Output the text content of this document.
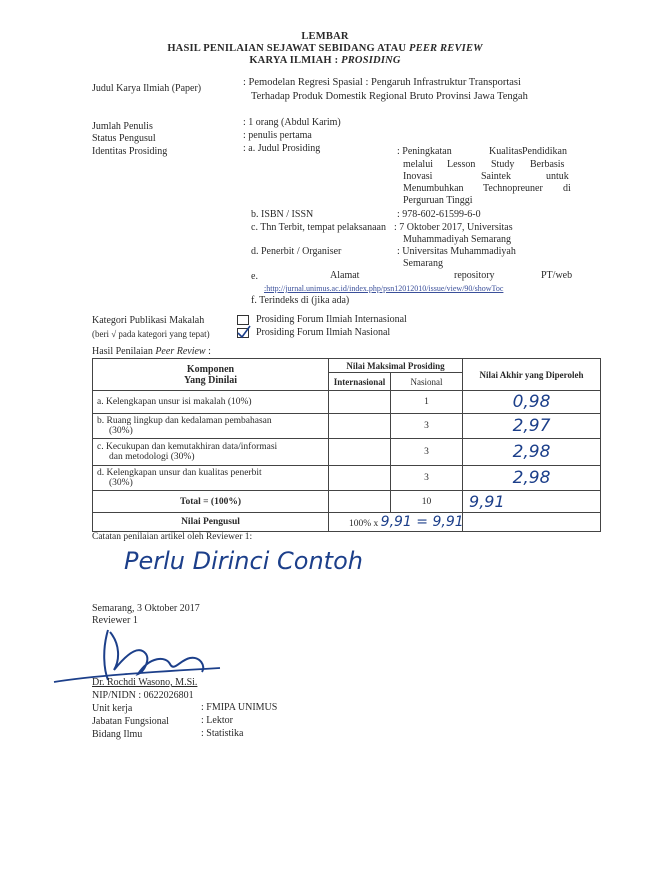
LEMBAR
HASIL PENILAIAN SEJAWAT SEBIDANG ATAU PEER REVIEW
KARYA ILMIAH : PROSIDING
Judul Karya Ilmiah (Paper)
: Pemodelan Regresi Spasial : Pengaruh Infrastruktur Transportasi
Terhadap Produk Domestik Regional Bruto Provinsi Jawa Tengah
Jumlah Penulis	: 1 orang (Abdul Karim)
Status Pengusul	: penulis pertama
Identitas Prosiding	: a. Judul Prosiding	: Peningkatan	Kualitas Pendidikan
melalui Lesson Study Berbasis
Inovasi	Saintek	untuk
Menumbuhkan Technopreuner di
Perguruan Tinggi
b. ISBN / ISSN	: 978-602-61599-6-0
c. Thn Terbit, tempat pelaksanaan : 7 Oktober 2017, Universitas
Muhammadiyah Semarang
d. Penerbit / Organiser	: Universitas Muhammadiyah
Semarang
e.	Alamat	repository	PT/web
:http://jurnal.unimus.ac.id/index.php/psn12012010/issue/view/90/showToc
f. Terindeks di (jika ada)
Kategori Publikasi Makalah
(beri √ pada kategori yang tepat)
Prosiding Forum Ilmiah Internasional
Prosiding Forum Ilmiah Nasional
Hasil Penilaian Peer Review :
Komponen
Yang Dinilai	Nilai Maksimal Prosiding		Nilai Akhir yang Diperoleh
	Internasional	Nasional	

a. Kelengkapan unsur isi makalah (10%)		1	0,98

b. Ruang lingkup dan kedalaman pembahasan
(30%)		3	2,97

c. Kecukupan dan kemutakhiran data/informasi
dan metodologi (30%)		3	2,98

d. Kelengkapan unsur dan kualitas penerbit
(30%)		3	2,98
Total = (100%)		10	9,91
Nilai Pengusul	100% x 9,91 = 9,91		
Catatan penilaian artikel oleh Reviewer 1:
Perlu Dirinci Contoh
Semarang, 3 Oktober 2017
Reviewer 1
Dr. Rochdi Wasono, M.Si.
NIP/NIDN : 0622026801
Unit kerja	: FMIPA UNIMUS
Jabatan Fungsional	: Lektor
Bidang Ilmu	: Statistika
